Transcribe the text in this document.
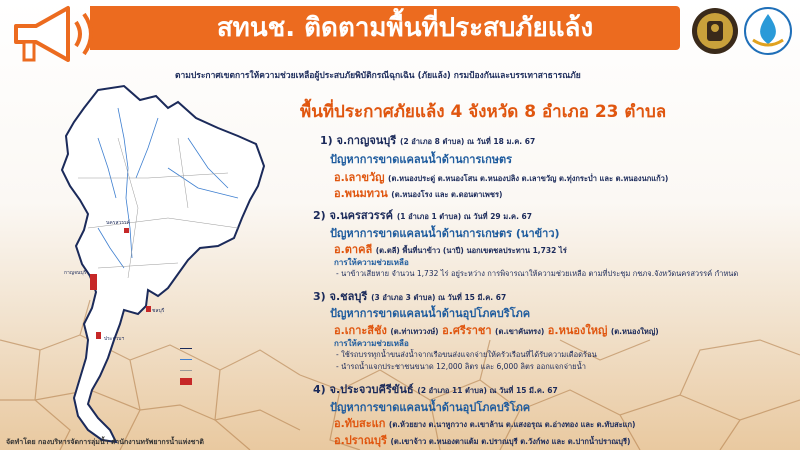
สทนช. ติดตามพื้นที่ประสบภัยแล้ง
ตามประกาศเขตการให้ความช่วยเหลือผู้ประสบภัยพิบัติกรณีฉุกเฉิน (ภัยแล้ง) กรมป้องกันและบรรเทาสาธารณภัย
พื้นที่ประกาศภัยแล้ง 4 จังหวัด 8 อำเภอ 23 ตำบล
กาญจนบุรี
นครสวรรค์
ชลบุรี
ประจวบฯ
จัดทำโดย กองบริหารจัดการลุ่มน้ำ สำนักงานทรัพยากรน้ำแห่งชาติ
1) จ.กาญจนบุรี (2 อำเภอ 8 ตำบล) ณ วันที่ 18 ม.ค. 67
ปัญหาการขาดแคลนน้ำด้านการเกษตร
อ.เลาขวัญ (ต.หนองประดู่ ต.หนองโสน ต.หนองปลิง ต.เลาขวัญ ต.ทุ่งกระบ่ำ และ ต.หนองนกแก้ว)
อ.พนมทวน (ต.หนองโรง และ ต.ดอนตาเพชร)
2) จ.นครสวรรค์ (1 อำเภอ 1 ตำบล) ณ วันที่ 29 ม.ค. 67
ปัญหาการขาดแคลนน้ำด้านการเกษตร (นาข้าว)
อ.ตาคลี (ต.ตลี) พื้นที่นาข้าว (นาปี) นอกเขตชลประทาน 1,732 ไร่
การให้ความช่วยเหลือ
- นาข้าวเสียหาย จำนวน 1,732 ไร่ อยู่ระหว่าง การพิจารณาให้ความช่วยเหลือ ตามที่ประชุม กชภจ.จังหวัดนครสวรรค์ กำหนด
3) จ.ชลบุรี (3 อำเภอ 3 ตำบล) ณ วันที่ 15 มี.ค. 67
ปัญหาการขาดแคลนน้ำด้านอุปโภคบริโภค
อ.เกาะสีชัง (ต.ท่าเทววงษ์) อ.ศรีราชา (ต.เขาคันทรง) อ.หนองใหญ่ (ต.หนองใหญ่)
การให้ความช่วยเหลือ
- ใช้รถบรรทุกน้ำขนส่งน้ำจากเรือขนส่งแจกจ่ายให้ครัวเรือนที่ได้รับความเดือดร้อน
- นำรถน้ำแจกประชาชนขนาด 12,000 ลิตร และ 6,000 ลิตร ออกแจกจ่ายน้ำ
4) จ.ประจวบคีรีขันธ์ (2 อำเภอ 11 ตำบล) ณ วันที่ 15 มี.ค. 67
ปัญหาการขาดแคลนน้ำด้านอุปโภคบริโภค
อ.ทับสะแก (ต.ห้วยยาง ต.นาหูกวาง ต.เขาล้าน ต.แสงอรุณ ต.อ่างทอง และ ต.ทับสะแก)
อ.ปราณบุรี (ต.เขาจ้าว ต.หนองตาแต้ม ต.ปราณบุรี ต.วังก์พง และ ต.ปากน้ำปราณบุรี)
